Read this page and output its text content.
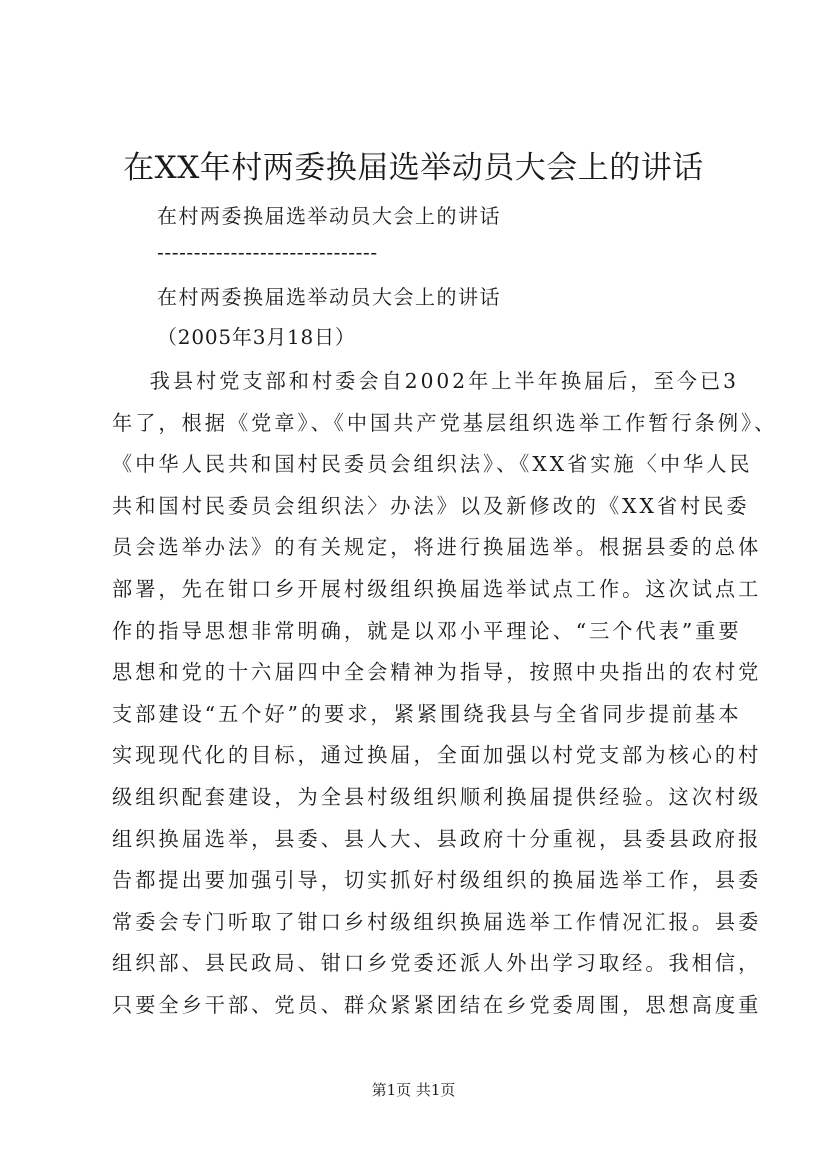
在XX年村两委换届选举动员大会上的讲话
在村两委换届选举动员大会上的讲话
------------------------------
在村两委换届选举动员大会上的讲话
（2005年3月18日）
我县村党支部和村委会自2002年上半年换届后，至今已3
年了，根据《党章》、《中国共产党基层组织选举工作暂行条例》、
《中华人民共和国村民委员会组织法》、《XX省实施〈中华人民
共和国村民委员会组织法〉办法》以及新修改的《XX省村民委
员会选举办法》的有关规定，将进行换届选举。根据县委的总体
部署，先在钳口乡开展村级组织换届选举试点工作。这次试点工
作的指导思想非常明确，就是以邓小平理论、“三个代表”重要
思想和党的十六届四中全会精神为指导，按照中央指出的农村党
支部建设“五个好”的要求，紧紧围绕我县与全省同步提前基本
实现现代化的目标，通过换届，全面加强以村党支部为核心的村
级组织配套建设，为全县村级组织顺利换届提供经验。这次村级
组织换届选举，县委、县人大、县政府十分重视，县委县政府报
告都提出要加强引导，切实抓好村级组织的换届选举工作，县委
常委会专门听取了钳口乡村级组织换届选举工作情况汇报。县委
组织部、县民政局、钳口乡党委还派人外出学习取经。我相信，
只要全乡干部、党员、群众紧紧团结在乡党委周围，思想高度重
第1页 共1页
